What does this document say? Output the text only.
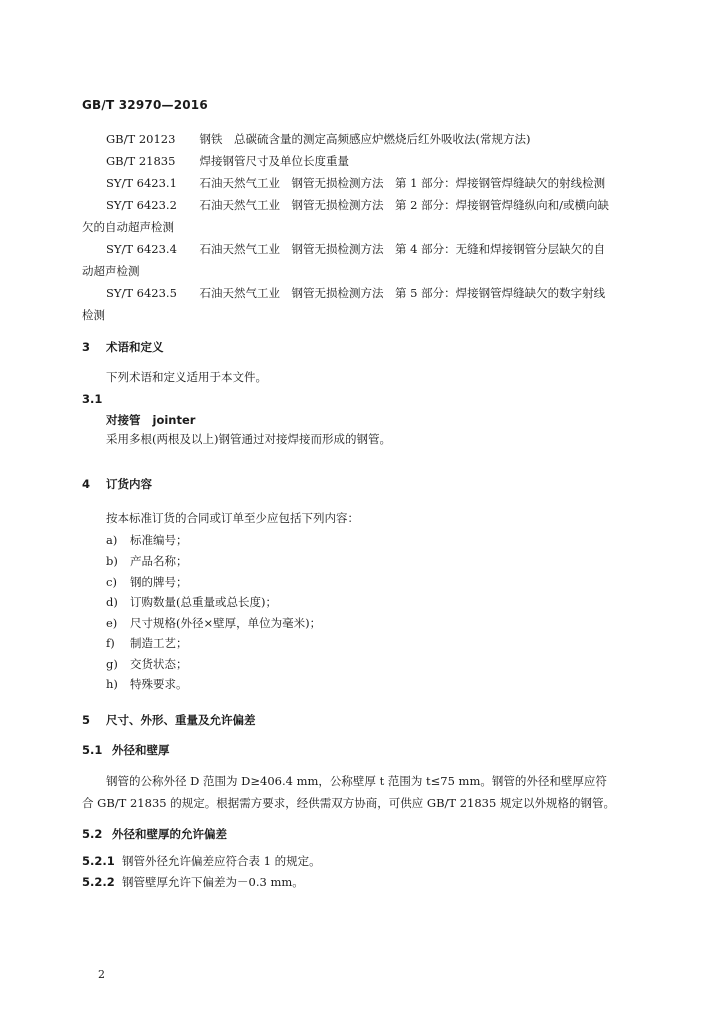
GB/T 32970—2016
GB/T 20123　 钢铁　总碳硫含量的测定高频感应炉燃烧后红外吸收法(常规方法)
GB/T 21835　 焊接钢管尺寸及单位长度重量
SY/T 6423.1　 石油天然气工业　钢管无损检测方法　第 1 部分：焊接钢管焊缝缺欠的射线检测
SY/T 6423.2　 石油天然气工业　钢管无损检测方法　第 2 部分：焊接钢管焊缝纵向和/或横向缺
欠的自动超声检测
SY/T 6423.4　 石油天然气工业　钢管无损检测方法　第 4 部分：无缝和焊接钢管分层缺欠的自
动超声检测
SY/T 6423.5　 石油天然气工业　钢管无损检测方法　第 5 部分：焊接钢管焊缝缺欠的数字射线
检测
3 术语和定义
下列术语和定义适用于本文件。
3.1
对接管 jointer
采用多根(两根及以上)钢管通过对接焊接而形成的钢管。
4 订货内容
按本标准订货的合同或订单至少应包括下列内容：
a) 标准编号；
b) 产品名称；
c) 钢的牌号；
d) 订购数量(总重量或总长度)；
e) 尺寸规格(外径×壁厚，单位为毫米)；
f) 制造工艺；
g) 交货状态；
h) 特殊要求。
5 尺寸、外形、重量及允许偏差
5.1 外径和壁厚
钢管的公称外径 D 范围为 D≥406.4 mm，公称壁厚 t 范围为 t≤75 mm。钢管的外径和壁厚应符
合 GB/T 21835 的规定。根据需方要求，经供需双方协商，可供应 GB/T 21835 规定以外规格的钢管。
5.2 外径和壁厚的允许偏差
5.2.1 钢管外径允许偏差应符合表 1 的规定。
5.2.2 钢管壁厚允许下偏差为－0.3 mm。
2
